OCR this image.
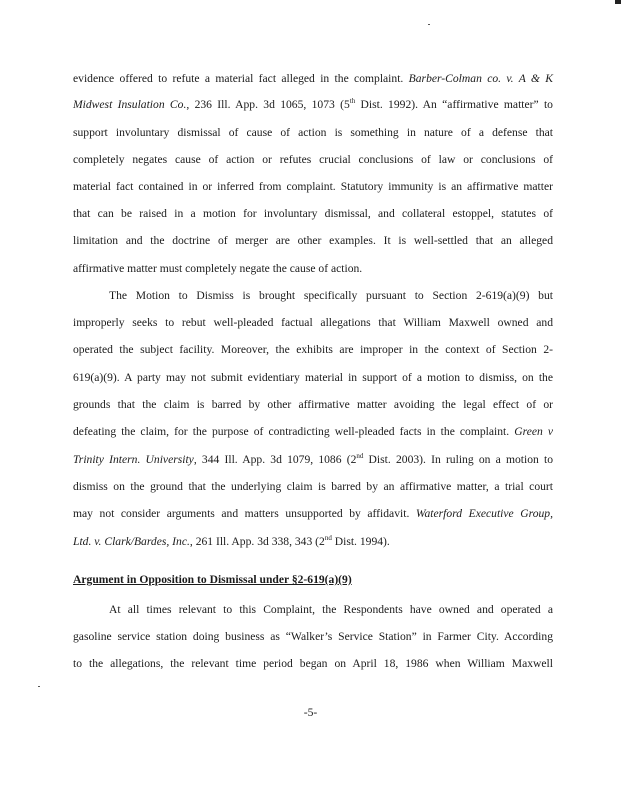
evidence offered to refute a material fact alleged in the complaint. Barber-Colman co. v. A & K
Midwest Insulation Co., 236 Ill. App. 3d 1065, 1073 (5th Dist. 1992). An “affirmative matter” to
support involuntary dismissal of cause of action is something in nature of a defense that
completely negates cause of action or refutes crucial conclusions of law or conclusions of
material fact contained in or inferred from complaint. Statutory immunity is an affirmative matter
that can be raised in a motion for involuntary dismissal, and collateral estoppel, statutes of
limitation and the doctrine of merger are other examples. It is well-settled that an alleged
affirmative matter must completely negate the cause of action.
The Motion to Dismiss is brought specifically pursuant to Section 2-619(a)(9) but
improperly seeks to rebut well-pleaded factual allegations that William Maxwell owned and
operated the subject facility. Moreover, the exhibits are improper in the context of Section 2-
619(a)(9). A party may not submit evidentiary material in support of a motion to dismiss, on the
grounds that the claim is barred by other affirmative matter avoiding the legal effect of or
defeating the claim, for the purpose of contradicting well-pleaded facts in the complaint. Green v
Trinity Intern. University, 344 Ill. App. 3d 1079, 1086 (2nd Dist. 2003). In ruling on a motion to
dismiss on the ground that the underlying claim is barred by an affirmative matter, a trial court
may not consider arguments and matters unsupported by affidavit. Waterford Executive Group,
Ltd. v. Clark/Bardes, Inc., 261 Ill. App. 3d 338, 343 (2nd Dist. 1994).
Argument in Opposition to Dismissal under §2-619(a)(9)
At all times relevant to this Complaint, the Respondents have owned and operated a
gasoline service station doing business as “Walker’s Service Station” in Farmer City. According
to the allegations, the relevant time period began on April 18, 1986 when William Maxwell
-5-
